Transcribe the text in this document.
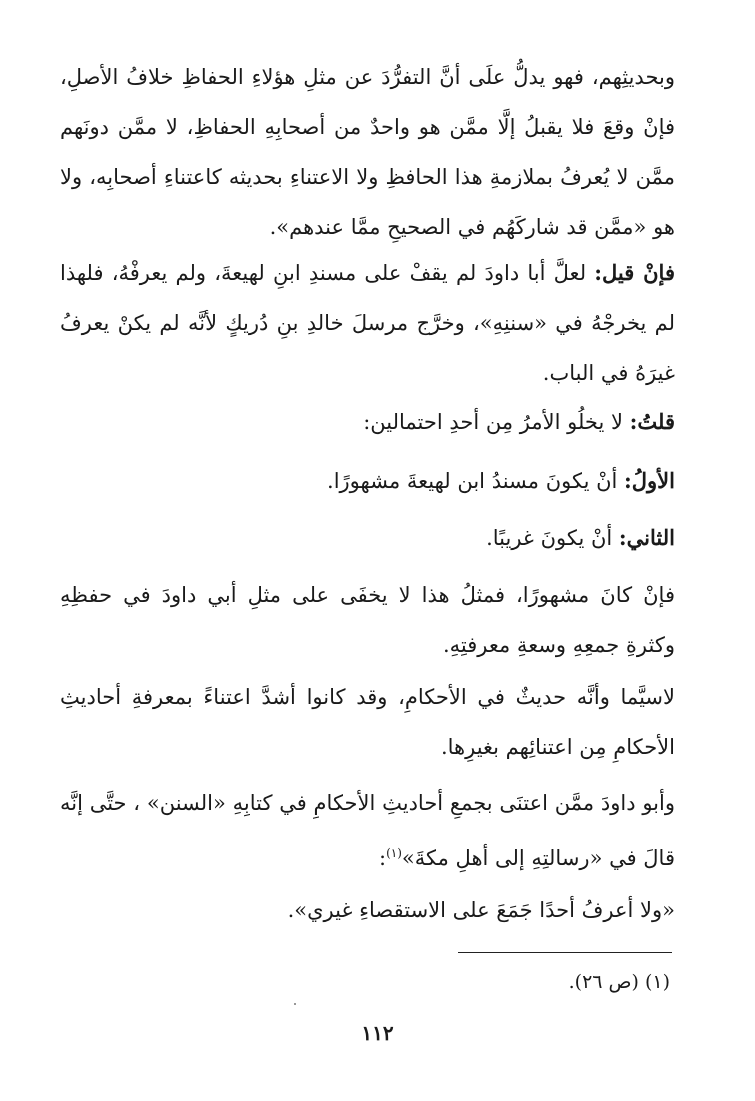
وبحديثِهم، فهو يدلُّ علَى أنَّ التفرُّدَ عن مثلِ هؤلاءِ الحفاظِ خلافُ الأصلِ، فإنْ وقعَ فلا يقبلُ إلَّا ممَّن هو واحدٌ من أصحابِهِ الحفاظِ، لا ممَّن دونَهم ممَّن لا يُعرفُ بملازمةِ هذا الحافظِ ولا الاعتناءِ بحديثه كاعتناءِ أصحابِه، ولا هو «ممَّن قد شاركَهُم في الصحيحِ ممَّا عندهم».

فإنْ قيل: لعلَّ أبا داودَ لم يقفْ على مسندِ ابنِ لهيعةَ، ولم يعرفْهُ، فلهذا لم يخرجْهُ في «سننِهِ»، وخرَّج مرسلَ خالدِ بنِ دُريكٍ لأنَّه لم يكنْ يعرفُ غيرَهُ في الباب.

قلتُ: لا يخلُو الأمرُ مِن أحدِ احتمالين:

الأولُ: أنْ يكونَ مسندُ ابن لهيعةَ مشهورًا.

الثاني: أنْ يكونَ غريبًا.

فإنْ كانَ مشهورًا، فمثلُ هذا لا يخفَى على مثلِ أبي داودَ في حفظِهِ وكثرةِ جمعِهِ وسعةِ معرفتِهِ.

لاسيَّما وأنَّه حديثٌ في الأحكامِ، وقد كانوا أشدَّ اعتناءً بمعرفةِ أحاديثِ الأحكامِ مِن اعتنائِهم بغيرِها.

وأبو داودَ ممَّن اعتنَى بجمعِ أحاديثِ الأحكامِ في كتابِهِ «السنن» ، حتَّى إنَّه قالَ في «رسالتِهِ إلى أهلِ مكةَ»$^{(١)}$:

«ولا أعرفُ أحدًا جَمَعَ على الاستقصاءِ غيري».

(١) (ص ٢٦).

١١٢
